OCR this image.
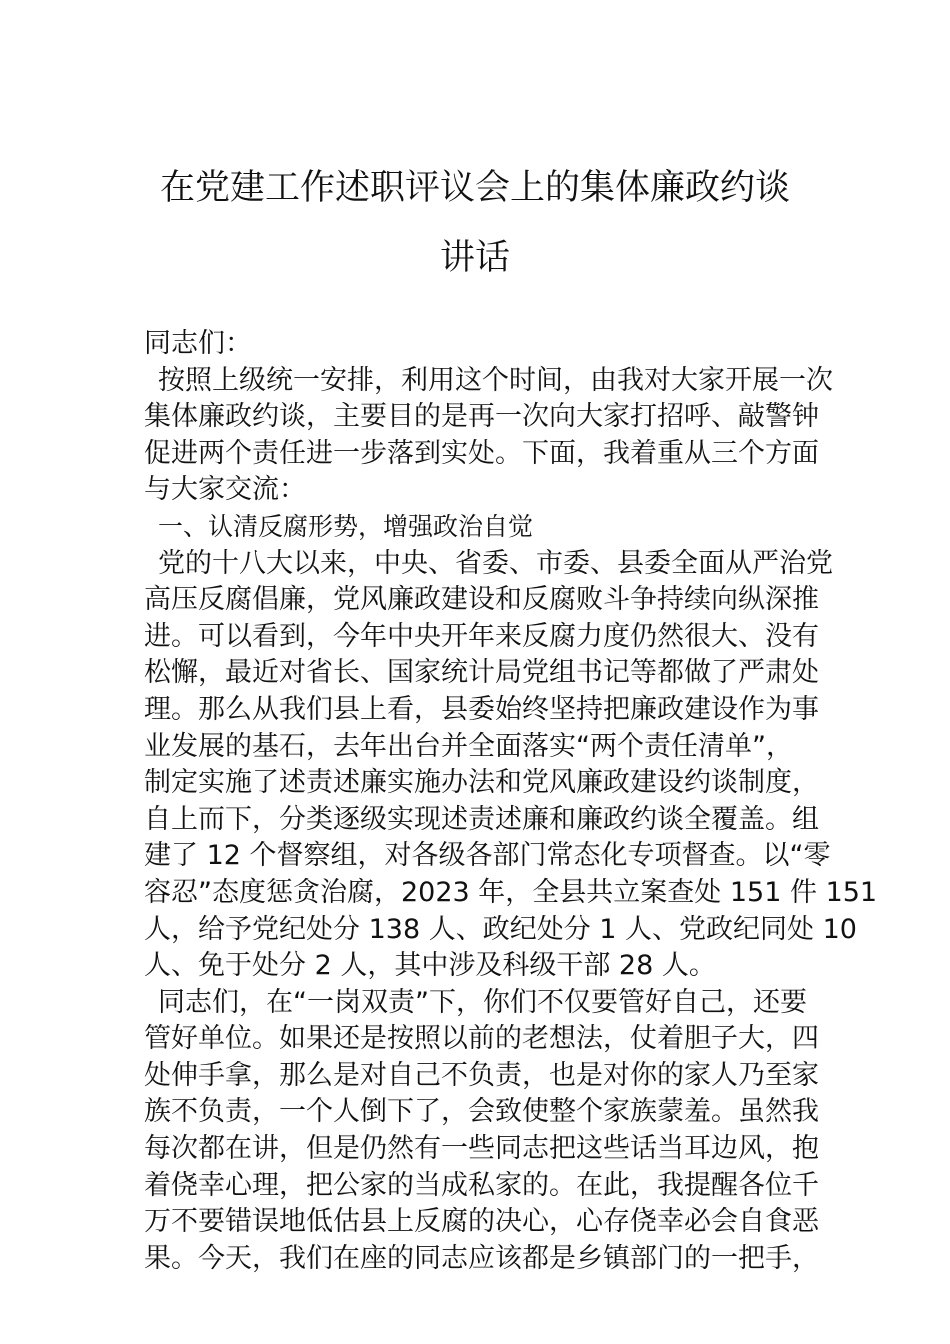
在党建工作述职评议会上的集体廉政约谈
讲话
同志们：
按照上级统一安排，利用这个时间，由我对大家开展一次
集体廉政约谈，主要目的是再一次向大家打招呼、敲警钟
促进两个责任进一步落到实处。下面，我着重从三个方面
与大家交流：
一、认清反腐形势，增强政治自觉
党的十八大以来，中央、省委、市委、县委全面从严治党
高压反腐倡廉，党风廉政建设和反腐败斗争持续向纵深推
进。可以看到，今年中央开年来反腐力度仍然很大、没有
松懈，最近对省长、国家统计局党组书记等都做了严肃处
理。那么从我们县上看，县委始终坚持把廉政建设作为事
业发展的基石，去年出台并全面落实“两个责任清单”，
制定实施了述责述廉实施办法和党风廉政建设约谈制度，
自上而下，分类逐级实现述责述廉和廉政约谈全覆盖。组
建了 12 个督察组，对各级各部门常态化专项督查。以“零
容忍”态度惩贪治腐，2023 年，全县共立案查处 151 件 151
人，给予党纪处分 138 人、政纪处分 1 人、党政纪同处 10
人、免于处分 2 人，其中涉及科级干部 28 人。
同志们，在“一岗双责”下，你们不仅要管好自己，还要
管好单位。如果还是按照以前的老想法，仗着胆子大，四
处伸手拿，那么是对自己不负责，也是对你的家人乃至家
族不负责，一个人倒下了，会致使整个家族蒙羞。虽然我
每次都在讲，但是仍然有一些同志把这些话当耳边风，抱
着侥幸心理，把公家的当成私家的。在此，我提醒各位千
万不要错误地低估县上反腐的决心，心存侥幸必会自食恶
果。今天，我们在座的同志应该都是乡镇部门的一把手，
